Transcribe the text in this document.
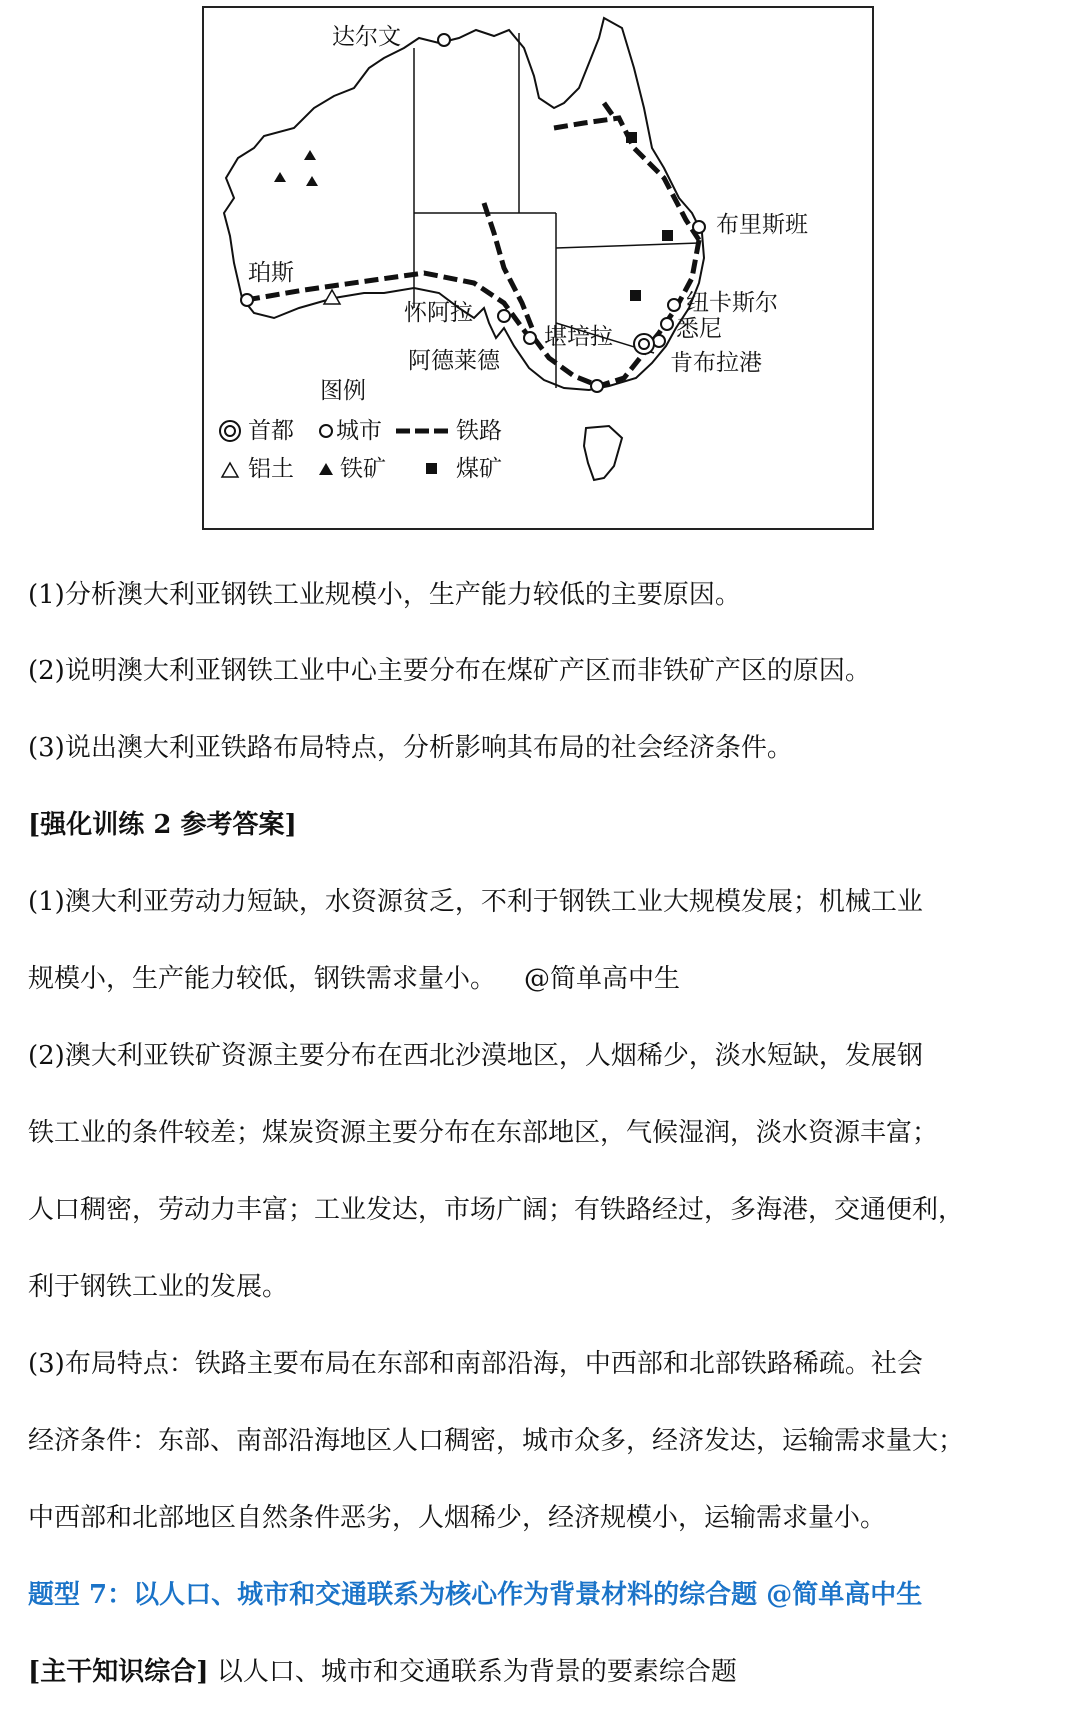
达尔文
布里斯班
珀斯
怀阿拉
阿德莱德
纽卡斯尔
悉尼
堪培拉
肯布拉港
图例
首都 城市	铁路
铝土 铁矿	煤矿
(1)分析澳大利亚钢铁工业规模小，生产能力较低的主要原因。
(2)说明澳大利亚钢铁工业中心主要分布在煤矿产区而非铁矿产区的原因。
(3)说出澳大利亚铁路布局特点，分析影响其布局的社会经济条件。
[强化训练 2 参考答案]
(1)澳大利亚劳动力短缺，水资源贫乏，不利于钢铁工业大规模发展；机械工业
规模小，生产能力较低，钢铁需求量小。 @简单高中生
(2)澳大利亚铁矿资源主要分布在西北沙漠地区，人烟稀少，淡水短缺，发展钢
铁工业的条件较差；煤炭资源主要分布在东部地区，气候湿润，淡水资源丰富；
人口稠密，劳动力丰富；工业发达，市场广阔；有铁路经过，多海港，交通便利，
利于钢铁工业的发展。
(3)布局特点：铁路主要布局在东部和南部沿海，中西部和北部铁路稀疏。社会
经济条件：东部、南部沿海地区人口稠密，城市众多，经济发达，运输需求量大；
中西部和北部地区自然条件恶劣，人烟稀少，经济规模小，运输需求量小。
题型 7：以人口、城市和交通联系为核心作为背景材料的综合题 @简单高中生
[主干知识综合] 以人口、城市和交通联系为背景的要素综合题
